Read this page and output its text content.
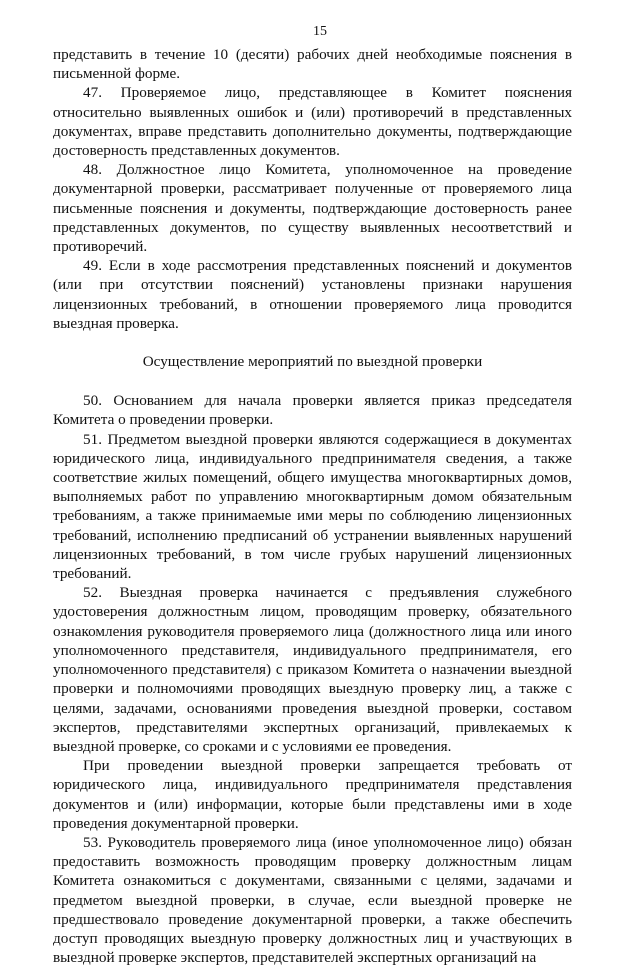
15

представить в течение 10 (десяти) рабочих дней необходимые пояснения в письменной форме.

47. Проверяемое лицо, представляющее в Комитет пояснения относительно выявленных ошибок и (или) противоречий в представленных документах, вправе представить дополнительно документы, подтверждающие достоверность представленных документов.

48. Должностное лицо Комитета, уполномоченное на проведение документарной проверки, рассматривает полученные от проверяемого лица письменные пояснения и документы, подтверждающие достоверность ранее представленных документов, по существу выявленных несоответствий и противоречий.

49. Если в ходе рассмотрения представленных пояснений и документов (или при отсутствии пояснений) установлены признаки нарушения лицензионных требований, в отношении проверяемого лица проводится выездная проверка.

Осуществление мероприятий по выездной проверки

50. Основанием для начала проверки является приказ председателя Комитета о проведении проверки.

51. Предметом выездной проверки являются содержащиеся в документах юридического лица, индивидуального предпринимателя сведения, а также соответствие жилых помещений, общего имущества многоквартирных домов, выполняемых работ по управлению многоквартирным домом обязательным требованиям, а также принимаемые ими меры по соблюдению лицензионных требований, исполнению предписаний об устранении выявленных нарушений лицензионных требований, в том числе грубых нарушений лицензионных требований.

52. Выездная проверка начинается с предъявления служебного удостоверения должностным лицом, проводящим проверку, обязательного ознакомления руководителя проверяемого лица (должностного лица или иного уполномоченного представителя, индивидуального предпринимателя, его уполномоченного представителя) с приказом Комитета о назначении выездной проверки и полномочиями проводящих выездную проверку лиц, а также с целями, задачами, основаниями проведения выездной проверки, составом экспертов, представителями экспертных организаций, привлекаемых к выездной проверке, со сроками и с условиями ее проведения.

При проведении выездной проверки запрещается требовать от юридического лица, индивидуального предпринимателя представления документов и (или) информации, которые были представлены ими в ходе проведения документарной проверки.

53. Руководитель проверяемого лица (иное уполномоченное лицо) обязан предоставить возможность проводящим проверку должностным лицам Комитета ознакомиться с документами, связанными с целями, задачами и предметом выездной проверки, в случае, если выездной проверке не предшествовало проведение документарной проверки, а также обеспечить доступ проводящих выездную проверку должностных лиц и участвующих в выездной проверке экспертов, представителей экспертных организаций на
